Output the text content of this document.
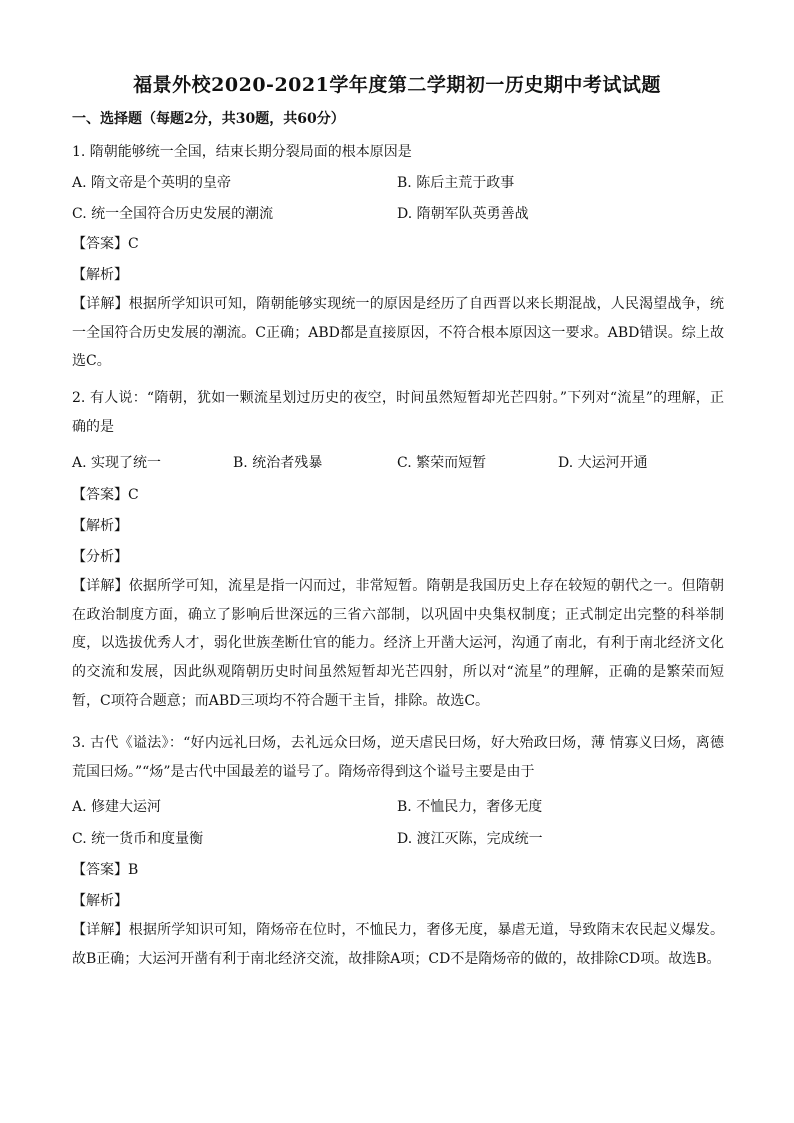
福景外校2020-2021学年度第二学期初一历史期中考试试题
一、选择题（每题2分，共30题，共60分）
1. 隋朝能够统一全国，结束长期分裂局面的根本原因是
A. 隋文帝是个英明的皇帝	B. 陈后主荒于政事
C. 统一全国符合历史发展的潮流	D. 隋朝军队英勇善战
【答案】C
【解析】
【详解】根据所学知识可知，隋朝能够实现统一的原因是经历了自西晋以来长期混战，人民渴望战争，统一全国符合历史发展的潮流。C正确；ABD都是直接原因，不符合根本原因这一要求。ABD错误。综上故选C。
2. 有人说：“隋朝，犹如一颗流星划过历史的夜空，时间虽然短暂却光芒四射。”下列对“流星”的理解，正确的是
A. 实现了统一	B. 统治者残暴	C. 繁荣而短暂	D. 大运河开通
【答案】C
【解析】
【分析】
【详解】依据所学可知，流星是指一闪而过，非常短暂。隋朝是我国历史上存在较短的朝代之一。但隋朝在政治制度方面，确立了影响后世深远的三省六部制，以巩固中央集权制度；正式制定出完整的科举制度，以选拔优秀人才，弱化世族垄断仕官的能力。经济上开凿大运河，沟通了南北，有利于南北经济文化的交流和发展，因此纵观隋朝历史时间虽然短暂却光芒四射，所以对“流星”的理解，正确的是繁荣而短暂，C项符合题意；而ABD三项均不符合题干主旨，排除。故选C。
3. 古代《谥法》：“好内远礼曰炀，去礼远众曰炀，逆天虐民曰炀，好大殆政曰炀，薄 情寡义曰炀，离德荒国曰炀。”“炀”是古代中国最差的谥号了。隋炀帝得到这个谥号主要是由于
A. 修建大运河	B. 不恤民力，奢侈无度
C. 统一货币和度量衡	D. 渡江灭陈，完成统一
【答案】B
【解析】
【详解】根据所学知识可知，隋炀帝在位时，不恤民力，奢侈无度，暴虐无道，导致隋末农民起义爆发。故B正确；大运河开凿有利于南北经济交流，故排除A项；CD不是隋炀帝的做的，故排除CD项。故选B。
